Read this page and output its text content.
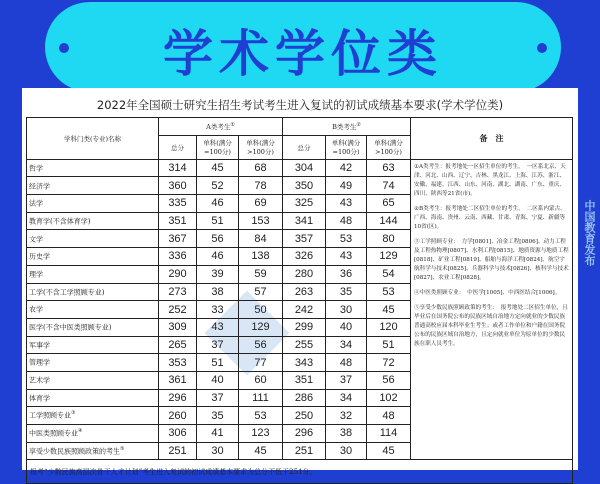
学术学位类
2022年全国硕士研究生招生考试考生进入复试的初试成绩基本要求(学术学位类)
学科门类(专业)名称	A类考生①			B类考生②			备　注
	总分	单科(满分=100分)	单科(满分>100分)	总分	单科(满分=100分)	单科(满分>100分)	
哲学	314	45	68	304	42	63	①A类考生：报考地处一区招生单位的考生。　一区系北京、天津、河北、山西、辽宁、吉林、黑龙江、上海、江苏、浙江、安徽、福建、江西、山东、河南、湖北、湖南、广东、重庆、四川、陕西等21省(市)。

②B类考生：报考地处二区招生单位的考生。　二区系内蒙古、广西、海南、贵州、云南、西藏、甘肃、青海、宁夏、新疆等10省(区)。

③工学照顾专业：　力学[0801]、冶金工程[0806]、动力工程及工程热物理[0807]、水利工程[0815]、地质资源与地质工程[0818]、矿业工程[0819]、船舶与海洋工程[0824]、航空宇航科学与技术[0825]、兵器科学与技术[0826]、核科学与技术[0827]、农业工程[0828]。

④中医类照顾专业：　中医学[1005]、中西医结合[1006]。

⑤享受少数民族照顾政策的考生：　报考地处二区招生单位，且毕业后在国务院公布的民族区域自治地方定向就业的少数民族普通高校应届本科毕业生考生；或者工作单位和户籍在国务院公布的民族区域自治地方，且定向就业单位为原单位的少数民族在职人员考生。

经济学	360	52	78	350	49	74	
法学	335	46	69	325	43	65	
教育学(不含体育学)	351	51	153	341	48	144	
文学	367	56	84	357	53	80	
历史学	336	46	138	326	43	129	
理学	290	39	59	280	36	54	
工学(不含工学照顾专业)	273	38	57	263	35	53	
农学	252	33	50	242	30	45	
医学(不含中医类照顾专业)	309	43	129	299	40	120	
军事学	265	37	56	255	34	51	
管理学	353	51	77	343	48	72	
艺术学	361	40	60	351	37	56	
体育学	296	37	111	286	34	102	
工学照顾专业③	260	35	53	250	32	48	
中医类照顾专业④	306	41	123	296	38	114	
享受少数民族照顾政策的考生⑤	251	30	45	251	30	45	
报考“少数民族高层次骨干人才计划”考生进入复试的初试成绩基本要求为总分不低于251分。							
中国教育发布
